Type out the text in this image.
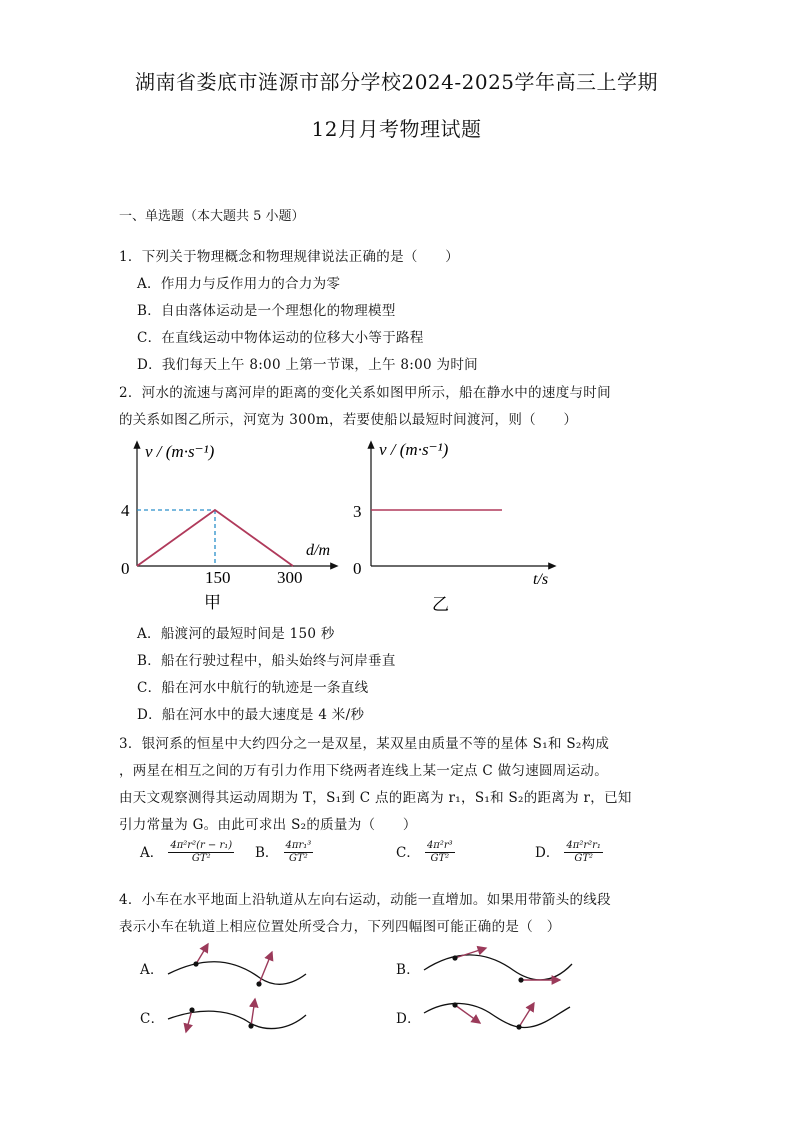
湖南省娄底市涟源市部分学校2024-2025学年高三上学期
12月月考物理试题
一、单选题（本大题共 5 小题）
1．下列关于物理概念和物理规律说法正确的是（　　）
A．作用力与反作用力的合力为零
B．自由落体运动是一个理想化的物理模型
C．在直线运动中物体运动的位移大小等于路程
D．我们每天上午 8:00 上第一节课，上午 8:00 为时间
2．河水的流速与离河岸的距离的变化关系如图甲所示，船在静水中的速度与时间
的关系如图乙所示，河宽为 300m，若要使船以最短时间渡河，则（　　）
v / (m·s⁻¹)
d/m
4
0	150	300
甲
v / (m·s⁻¹)
t/s
3
0
乙
A．船渡河的最短时间是 150 秒
B．船在行驶过程中，船头始终与河岸垂直
C．船在河水中航行的轨迹是一条直线
D．船在河水中的最大速度是 4 米/秒
3．银河系的恒星中大约四分之一是双星，某双星由质量不等的星体 S₁和 S₂构成
，两星在相互之间的万有引力作用下绕两者连线上某一定点 C 做匀速圆周运动。
由天文观察测得其运动周期为 T，S₁到 C 点的距离为 r₁，S₁和 S₂的距离为 r，已知
引力常量为 G。由此可求出 S₂的质量为（　　）
A． $\frac{\text{4π²r²(r − r₁)}}{\text{GT²}}$ B． $\frac{\text{4πr₁³}}{\text{GT²}}$	C． $\frac{\text{4π²r³}}{\text{GT²}}$	D． $\frac{\text{4π²r²r₁}}{\text{GT²}}$
4．小车在水平地面上沿轨道从左向右运动，动能一直增加。如果用带箭头的线段
表示小车在轨道上相应位置处所受合力，下列四幅图可能正确的是（　）
A．	B．
C．	D．
